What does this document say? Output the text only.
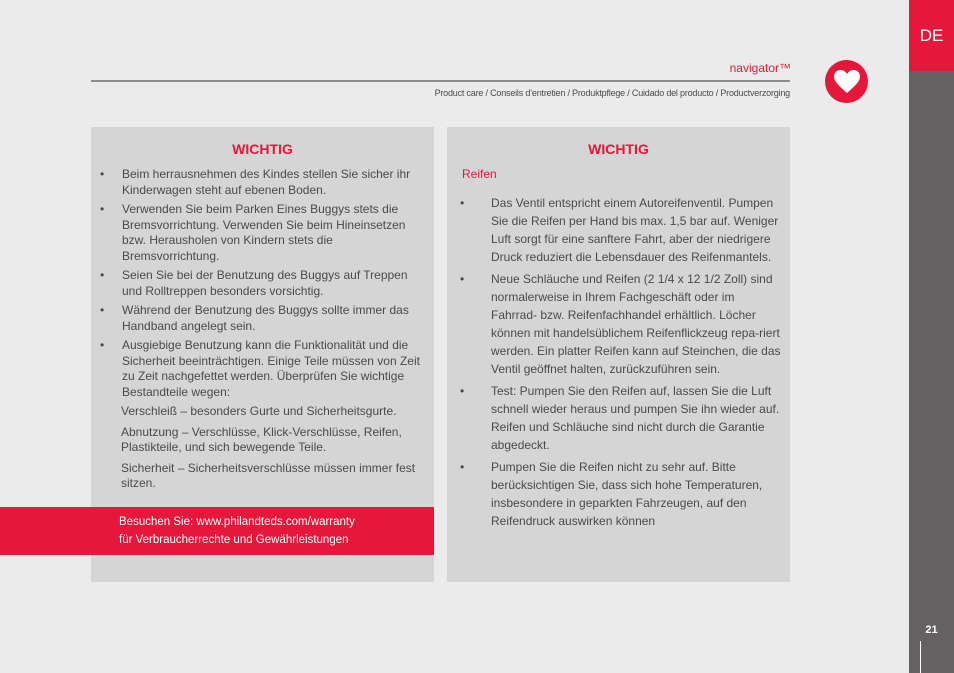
DE
21
navigator™
Product care / Conseils d’entretien / Produktpflege / Cuidado del producto / Productverzorging
WICHTIG
• Beim herrausnehmen des Kindes stellen Sie sicher ihr Kinderwagen steht auf ebenen Boden.
• Verwenden Sie beim Parken Eines Buggys stets die Bremsvorrichtung. Verwenden Sie beim Hineinsetzen bzw. Herausholen von Kindern stets die Bremsvorrichtung.
• Seien Sie bei der Benutzung des Buggys auf Treppen und Rolltreppen besonders vorsichtig.
• Während der Benutzung des Buggys sollte immer das Handband angelegt sein.
• Ausgiebige Benutzung kann die Funktionalität und die Sicherheit beeinträchtigen. Einige Teile müssen von Zeit zu Zeit nachgefettet werden. Überprüfen Sie wichtige Bestandteile wegen:
Verschleiß – besonders Gurte und Sicherheitsgurte.
Abnutzung – Verschlüsse, Klick-Verschlüsse, Reifen, Plastikteile, und sich bewegende Teile.
Sicherheit – Sicherheitsverschlüsse müssen immer fest sitzen.

Besuchen Sie: www.philandteds.com/warranty

für Verbraucherrechte und Gewährleistungen

WICHTIG

Reifen

• Das Ventil entspricht einem Autoreifenventil. Pumpen Sie die Reifen per Hand bis max. 1,5 bar auf. Weniger Luft sorgt für eine sanftere Fahrt, aber der niedrigere Druck reduziert die Lebensdauer des Reifenmantels.
• Neue Schläuche und Reifen (2 1/4 x 12 1/2 Zoll) sind normalerweise in Ihrem Fachgeschäft oder im Fahrrad- bzw. Reifenfachhandel erhältlich. Löcher können mit handelsüblichem Reifenflickzeug repa-riert werden. Ein platter Reifen kann auf Steinchen, die das Ventil geöffnet halten, zurückzuführen sein.
• Test: Pumpen Sie den Reifen auf, lassen Sie die Luft schnell wieder heraus und pumpen Sie ihn wieder auf. Reifen und Schläuche sind nicht durch die Garantie abgedeckt.
• Pumpen Sie die Reifen nicht zu sehr auf. Bitte berücksichtigen Sie, dass sich hohe Temperaturen, insbesondere in geparkten Fahrzeugen, auf den Reifendruck auswirken können
